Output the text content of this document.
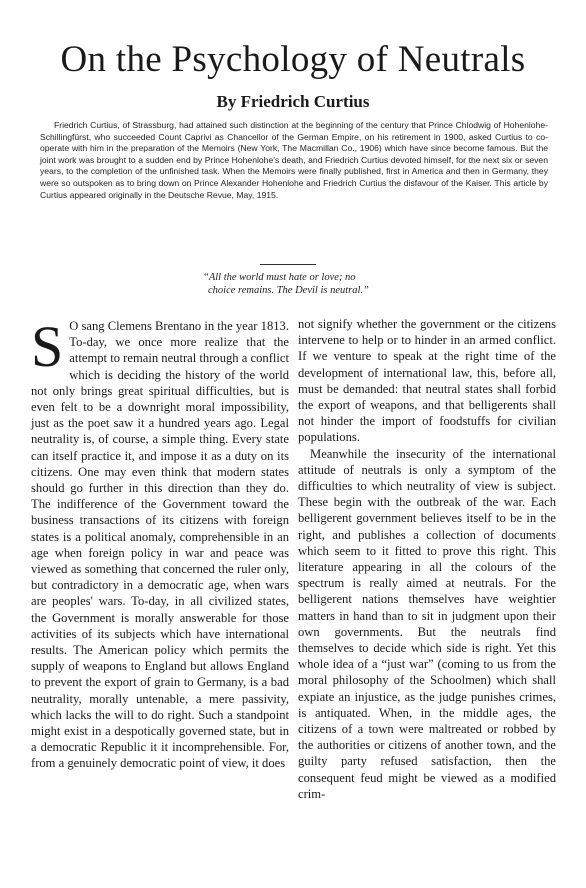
On the Psychology of Neutrals
By Friedrich Curtius
Friedrich Curtius, of Strassburg, had attained such distinction at the beginning of the century that Prince Chlodwig of Hohenlohe-Schillingfürst, who succeeded Count Caprivi as Chancellor of the German Empire, on his retirement in 1900, asked Curtius to co-operate with him in the preparation of the Memoirs (New York, The Macmillan Co., 1906) which have since become famous. But the joint work was brought to a sudden end by Prince Hohenlohe's death, and Friedrich Curtius devoted himself, for the next six or seven years, to the completion of the unfinished task. When the Memoirs were finally published, first in America and then in Germany, they were so outspoken as to bring down on Prince Alexander Hohenlohe and Friedrich Curtius the disfavour of the Kaiser. This article by Curtius appeared originally in the Deutsche Revue, May, 1915.
“All the world must hate or love; no
choice remains. The Devil is neutral.”

S O sang Clemens Brentano in the year 1813. To-day, we once more realize that the attempt to remain neutral through a conflict which is deciding the history of the world not only brings great spiritual difficulties, but is even felt to be a downright moral impossibility, just as the poet saw it a hundred years ago. Legal neutrality is, of course, a simple thing. Every state can itself practice it, and impose it as a duty on its citizens. One may even think that modern states should go further in this direction than they do. The indifference of the Government toward the business transactions of its citizens with foreign states is a political anomaly, comprehensible in an age when foreign policy in war and peace was viewed as something that concerned the ruler only, but contradictory in a democratic age, when wars are peoples' wars. To-day, in all civilized states, the Government is morally answerable for those activities of its subjects which have international results. The American policy which permits the supply of weapons to England but allows England to prevent the export of grain to Germany, is a bad neutrality, morally untenable, a mere passivity, which lacks the will to do right. Such a standpoint might exist in a despotically governed state, but in a democratic Republic it it incomprehensible. For, from a genuinely democratic point of view, it does

not signify whether the government or the citizens intervene to help or to hinder in an armed conflict. If we venture to speak at the right time of the development of international law, this, before all, must be demanded: that neutral states shall forbid the export of weapons, and that belligerents shall not hinder the import of foodstuffs for civilian populations.

Meanwhile the insecurity of the international attitude of neutrals is only a symptom of the difficulties to which neutrality of view is subject. These begin with the outbreak of the war. Each belligerent government believes itself to be in the right, and publishes a collection of documents which seem to it fitted to prove this right. This literature appearing in all the colours of the spectrum is really aimed at neutrals. For the belligerent nations themselves have weightier matters in hand than to sit in judgment upon their own governments. But the neutrals find themselves to decide which side is right. Yet this whole idea of a “just war” (coming to us from the moral philosophy of the Schoolmen) which shall expiate an injustice, as the judge punishes crimes, is antiquated. When, in the middle ages, the citizens of a town were maltreated or robbed by the authorities or citizens of another town, and the guilty party refused satisfaction, then the consequent feud might be viewed as a modified crim-
